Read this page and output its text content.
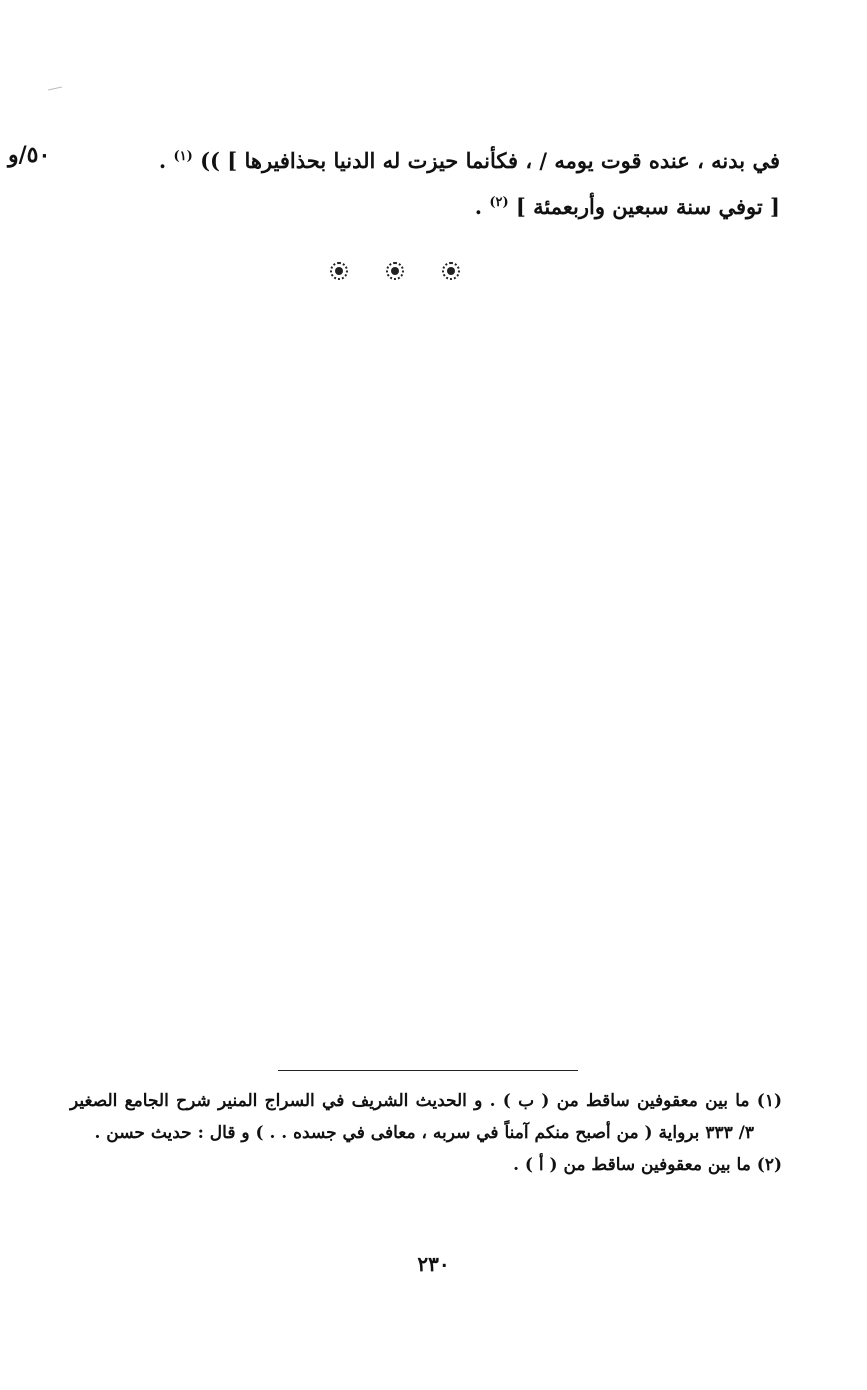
٥٠/و	في بدنه ، عنده قوت يومه / ، فكأنما حيزت له الدنيا بحذافيرها ] )) $^{(١)}$ .
[ توفي سنة سبعين وأربعمئة ] $^{(٢)}$ .
(١) ما بين معقوفين ساقط من ( ب ) . و الحديث الشريف في السراج المنير شرح الجامع الصغير
٣/ ٣٣٣ برواية ( من أصبح منكم آمناً في سربه ، معافى في جسده . . ) و قال : حديث حسن .
(٢) ما بين معقوفين ساقط من ( أ ) .
٢٣٠
